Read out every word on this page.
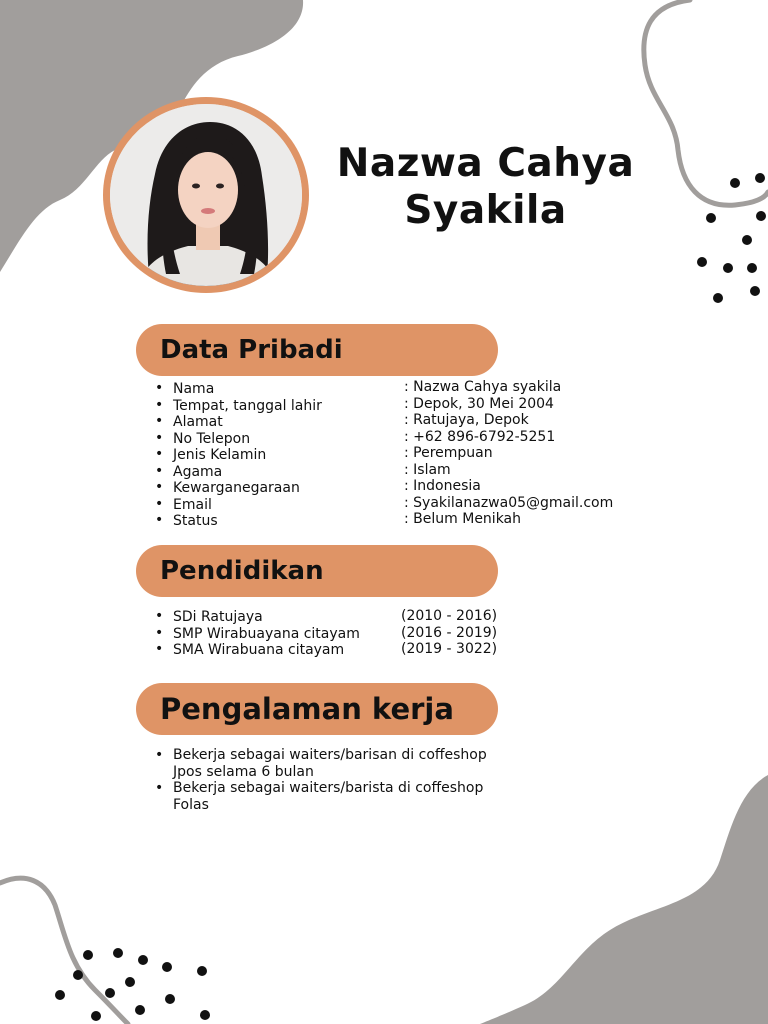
Nazwa Cahya Syakila
Data Pribadi
• Nama	: Nazwa Cahya syakila
• Tempat, tanggal lahir	: Depok, 30 Mei 2004
• Alamat	: Ratujaya, Depok
• No Telepon	: +62 896-6792-5251
• Jenis Kelamin	: Perempuan
• Agama	: Islam
• Kewarganegaraan	: Indonesia
• Email	: Syakilanazwa05@gmail.com
• Status	: Belum Menikah
Pendidikan
• SDi Ratujaya	(2010 - 2016)
• SMP Wirabuayana citayam	(2016 - 2019)
• SMA Wirabuana citayam	(2019 - 3022)
Pengalaman kerja
• Bekerja sebagai waiters/barisan di coffeshop Jpos selama 6 bulan
• Bekerja sebagai waiters/barista di coffeshop Folas
